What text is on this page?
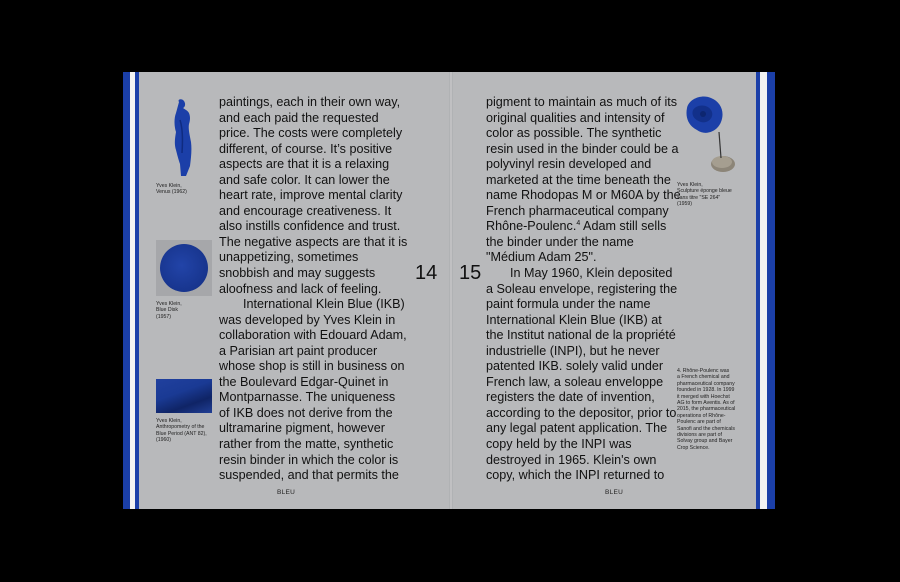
Yves Klein,
Venus (1962)
Yves Klein,
Blue Disk
(1957)
Yves Klein,
Anthropometry of the
Blue Period (ANT 82),
(1960)

paintings, each in their own way, and each paid the requested price. The costs were completely different, of course. It’s positive aspects are that it is a relaxing and safe color. It can lower the heart rate, improve mental clarity and encourage creativeness. It also instills confidence and trust. The negative aspects are that it is unappetizing, sometimes snobbish and may suggests aloofness and lack of feeling.

International Klein Blue (IKB) was developed by Yves Klein in collaboration with Edouard Adam, a Parisian art paint producer whose shop is still in business on the Boulevard Edgar-Quinet in Montparnasse. The uniqueness of IKB does not derive from the ultramarine pigment, however rather from the matte, synthetic resin binder in which the color is suspended, and that permits the

14
BLEU
15

pigment to maintain as much of its original qualities and intensity of color as possible. The synthetic resin used in the binder could be a polyvinyl resin developed and marketed at the time beneath the name Rhodopas M or M60A by the French pharmaceutical company Rhône-Poulenc.$^4$ Adam still sells the binder under the name "Médium Adam 25".

In May 1960, Klein deposited a Soleau envelope, registering the paint formula under the name International Klein Blue (IKB) at the Institut national de la propriété industrielle (INPI), but he never patented IKB. solely valid under French law, a soleau enveloppe registers the date of invention, according to the depositor, prior to any legal patent application. The copy held by the INPI was destroyed in 1965. Klein's own copy, which the INPI returned to

Yves Klein,
Sculpture éponge bleue
sans titre "SE 264"
(1959)
4. Rhône-Poulenc was
a French chemical and
pharmaceutical company
founded in 1928. In 1999
it merged with Hoechst
AG to form Aventis. As of
2015, the pharmaceutical
operations of Rhône-
Poulenc are part of
Sanofi and the chemicals
divisions are part of
Solvay group and Bayer
Crop Science.
BLEU
